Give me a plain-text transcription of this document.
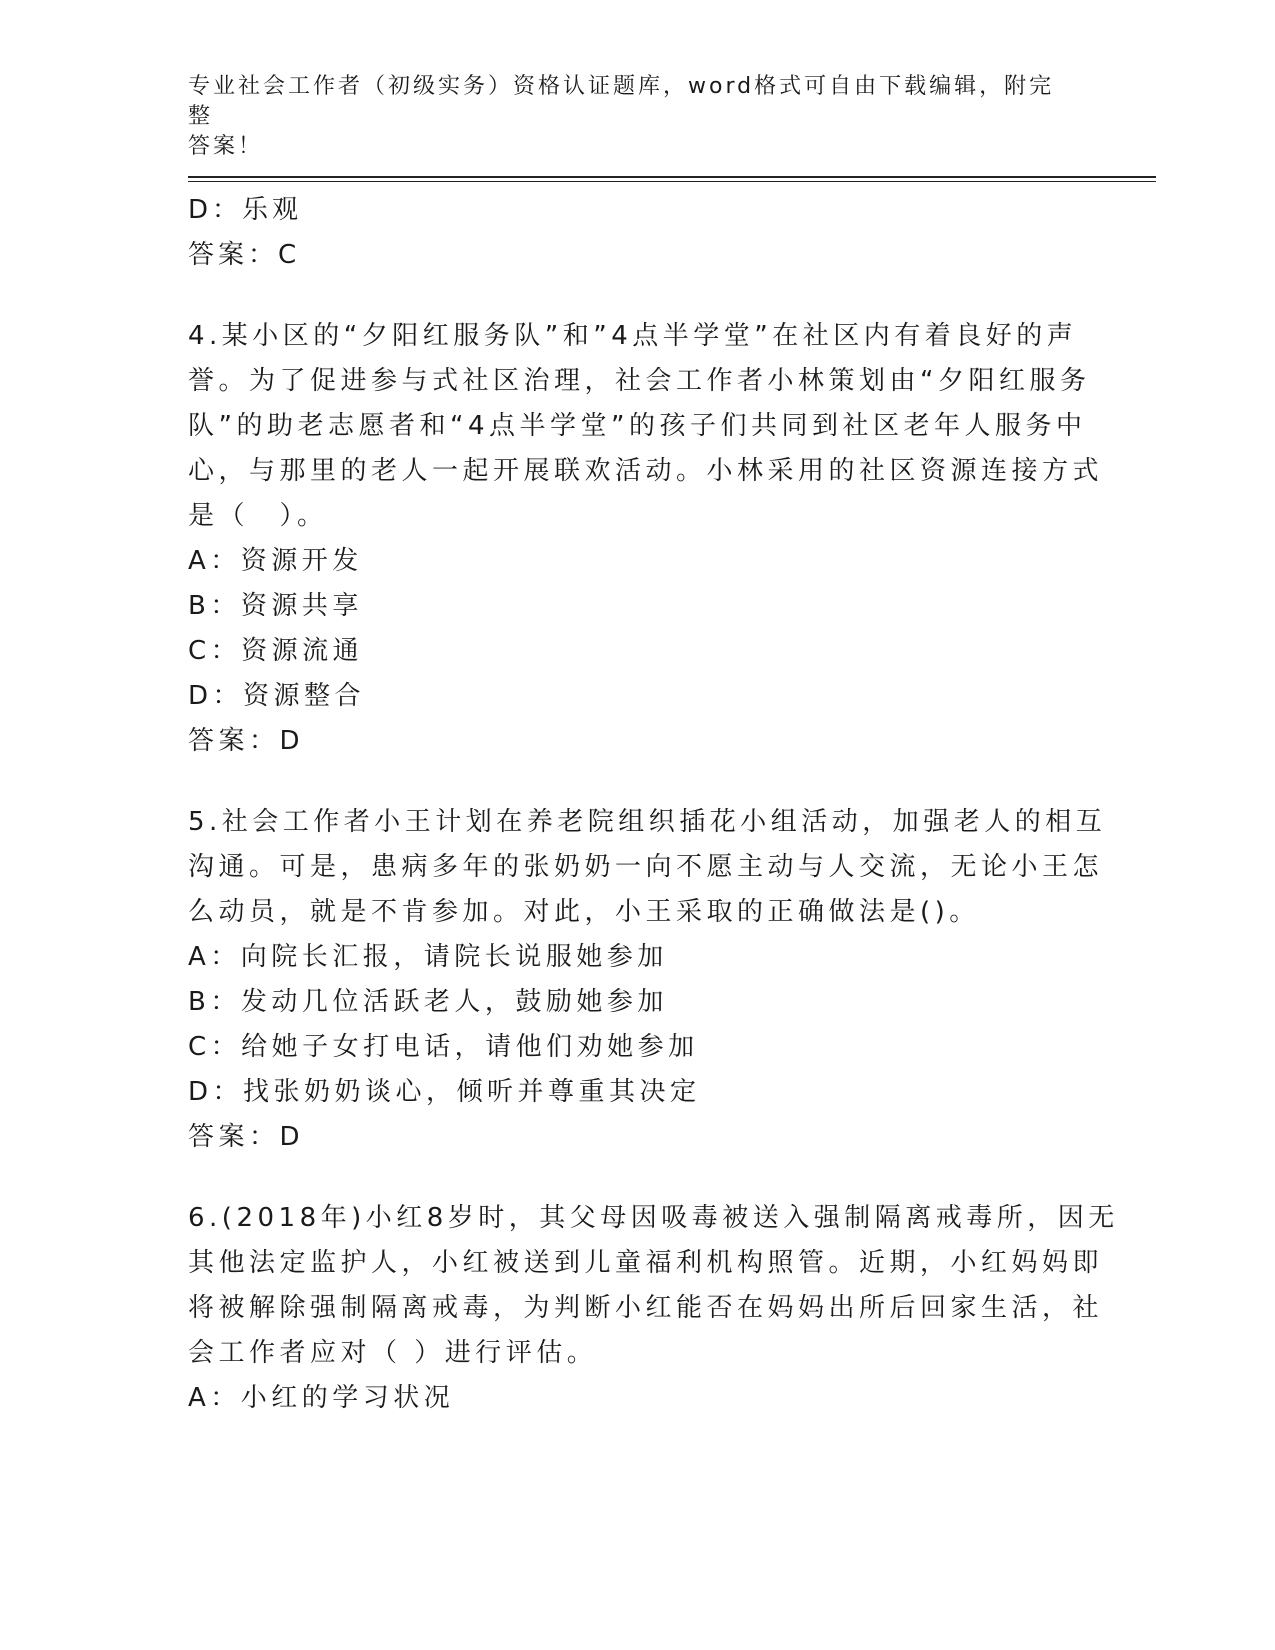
专业社会工作者（初级实务）资格认证题库，word格式可自由下载编辑，附完整
答案！
D：乐观
答案：C

4.某小区的“夕阳红服务队”和”4点半学堂”在社区内有着良好的声

誉。为了促进参与式社区治理，社会工作者小林策划由“夕阳红服务

队”的助老志愿者和“4点半学堂”的孩子们共同到社区老年人服务中

心，与那里的老人一起开展联欢活动。小林采用的社区资源连接方式

是（　）。

A：资源开发

B：资源共享

C：资源流通

D：资源整合

答案：D

5.社会工作者小王计划在养老院组织插花小组活动，加强老人的相互

沟通。可是，患病多年的张奶奶一向不愿主动与人交流，无论小王怎

么动员，就是不肯参加。对此，小王采取的正确做法是()。

A：向院长汇报，请院长说服她参加

B：发动几位活跃老人，鼓励她参加

C：给她子女打电话，请他们劝她参加

D：找张奶奶谈心，倾听并尊重其决定

答案：D

6.(2018年)小红8岁时，其父母因吸毒被送入强制隔离戒毒所，因无

其他法定监护人，小红被送到儿童福利机构照管。近期，小红妈妈即

将被解除强制隔离戒毒，为判断小红能否在妈妈出所后回家生活，社

会工作者应对（ ）进行评估。

A：小红的学习状况
